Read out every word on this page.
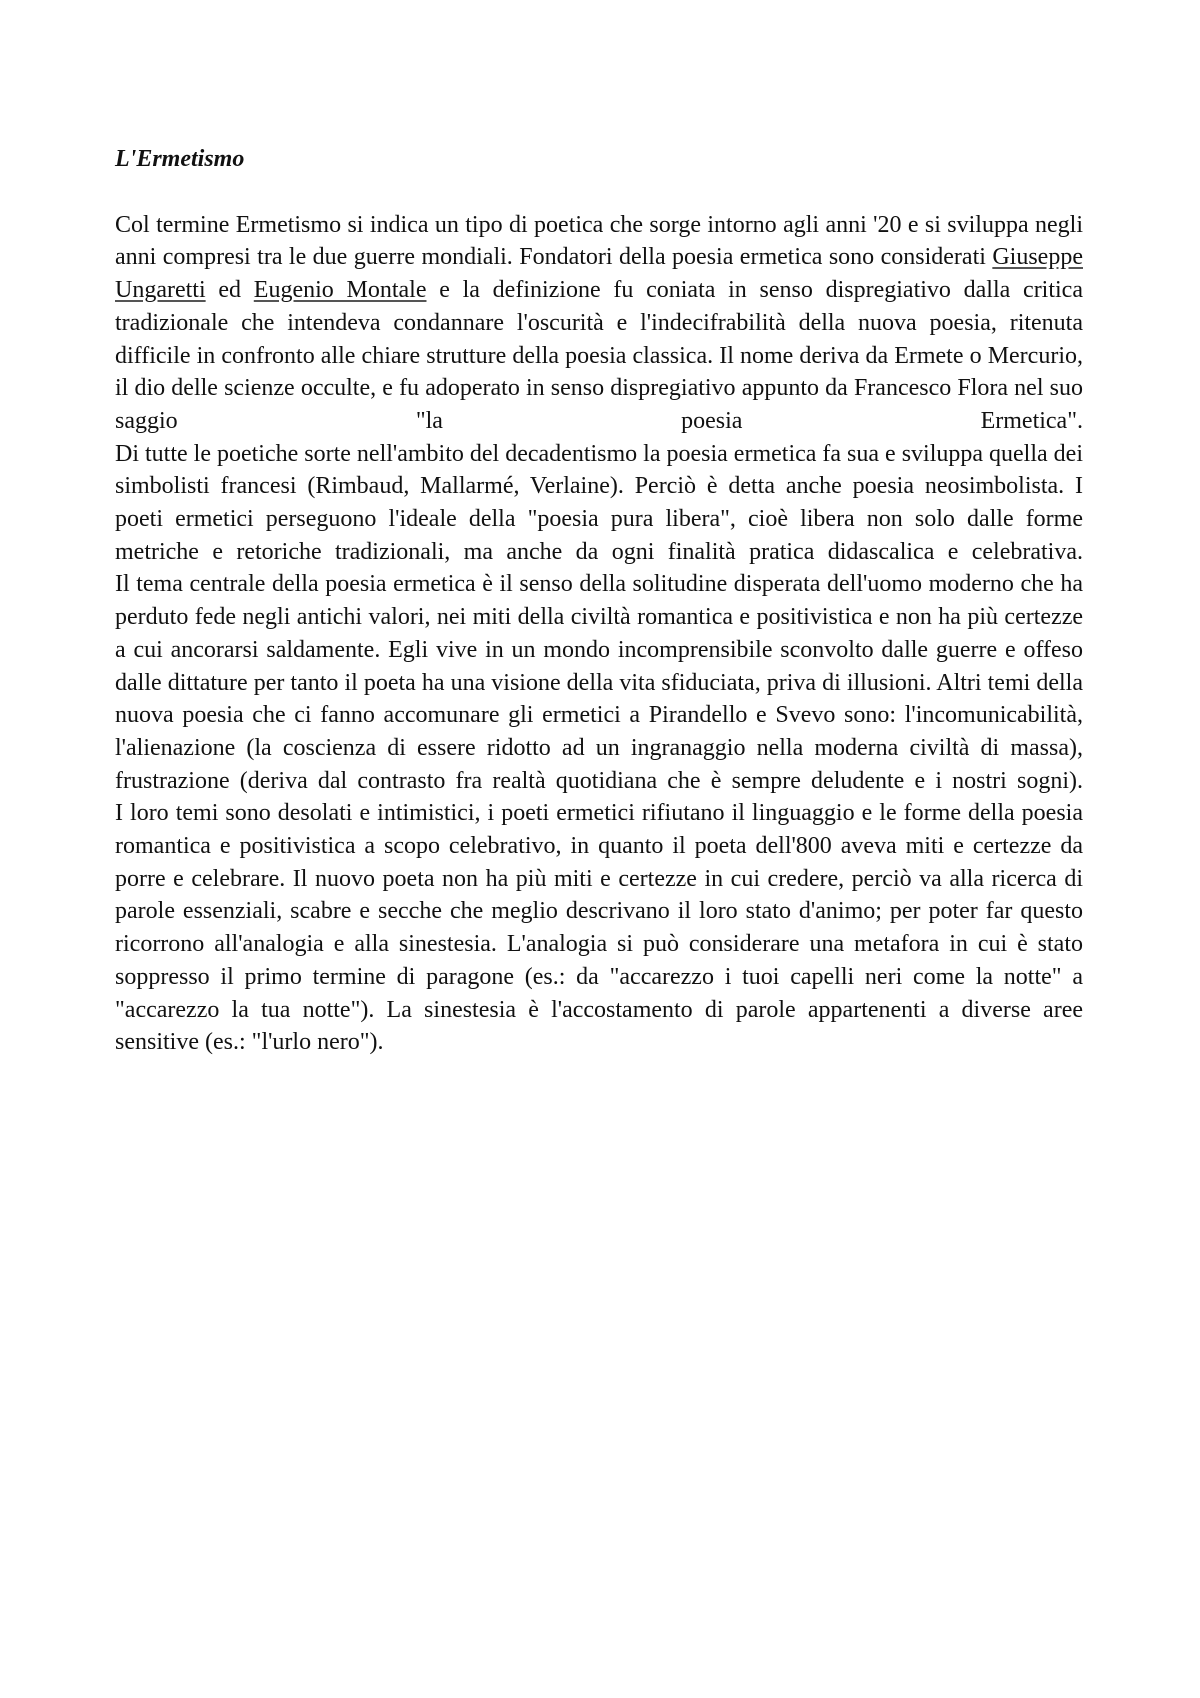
L'Ermetismo

Col termine Ermetismo si indica un tipo di poetica che sorge intorno agli anni '20 e si sviluppa negli anni compresi tra le due guerre mondiali. Fondatori della poesia ermetica sono considerati Giuseppe Ungaretti ed Eugenio Montale e la definizione fu coniata in senso dispregiativo dalla critica tradizionale che intendeva condannare l'oscurità e l'indecifrabilità della nuova poesia, ritenuta difficile in confronto alle chiare strutture della poesia classica. Il nome deriva da Ermete o Mercurio, il dio delle scienze occulte, e fu adoperato in senso dispregiativo appunto da Francesco Flora nel suo saggio "la poesia Ermetica".

Di tutte le poetiche sorte nell'ambito del decadentismo la poesia ermetica fa sua e sviluppa quella dei simbolisti francesi (Rimbaud, Mallarmé, Verlaine). Perciò è detta anche poesia neosimbolista. I poeti ermetici perseguono l'ideale della "poesia pura libera", cioè libera non solo dalle forme metriche e retoriche tradizionali, ma anche da ogni finalità pratica didascalica e celebrativa.

Il tema centrale della poesia ermetica è il senso della solitudine disperata dell'uomo moderno che ha perduto fede negli antichi valori, nei miti della civiltà romantica e positivistica e non ha più certezze a cui ancorarsi saldamente. Egli vive in un mondo incomprensibile sconvolto dalle guerre e offeso dalle dittature per tanto il poeta ha una visione della vita sfiduciata, priva di illusioni. Altri temi della nuova poesia che ci fanno accomunare gli ermetici a Pirandello e Svevo sono: l'incomunicabilità, l'alienazione (la coscienza di essere ridotto ad un ingranaggio nella moderna civiltà di massa), frustrazione (deriva dal contrasto fra realtà quotidiana che è sempre deludente e i nostri sogni).

I loro temi sono desolati e intimistici, i poeti ermetici rifiutano il linguaggio e le forme della poesia romantica e positivistica a scopo celebrativo, in quanto il poeta dell'800 aveva miti e certezze da porre e celebrare. Il nuovo poeta non ha più miti e certezze in cui credere, perciò va alla ricerca di parole essenziali, scabre e secche che meglio descrivano il loro stato d'animo; per poter far questo ricorrono all'analogia e alla sinestesia. L'analogia si può considerare una metafora in cui è stato soppresso il primo termine di paragone (es.: da "accarezzo i tuoi capelli neri come la notte" a "accarezzo la tua notte"). La sinestesia è l'accostamento di parole appartenenti a diverse aree sensitive (es.: "l'urlo nero").
